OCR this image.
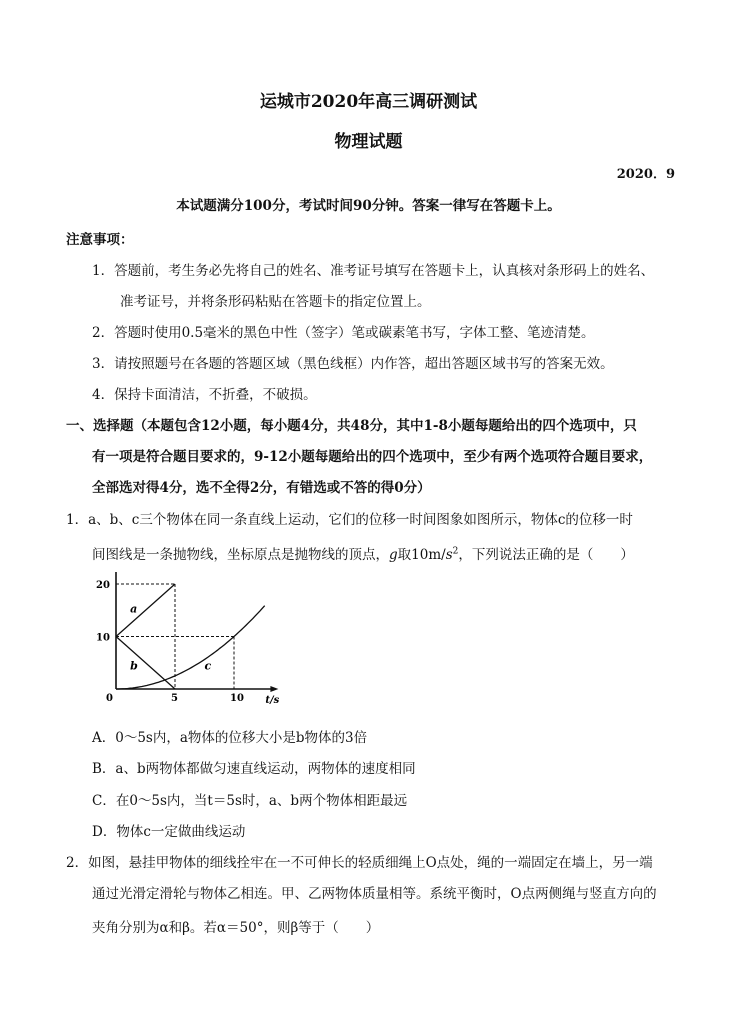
运城市2020年高三调研测试
物理试题
2020．9
本试题满分100分，考试时间90分钟。答案一律写在答题卡上。
注意事项：
1．答题前，考生务必先将自己的姓名、准考证号填写在答题卡上，认真核对条形码上的姓名、
准考证号，并将条形码粘贴在答题卡的指定位置上。
2．答题时使用0.5毫米的黑色中性（签字）笔或碳素笔书写，字体工整、笔迹清楚。
3．请按照题号在各题的答题区域（黑色线框）内作答，超出答题区域书写的答案无效。
4．保持卡面清洁，不折叠，不破损。
一、选择题（本题包含12小题，每小题4分，共48分，其中1-8小题每题给出的四个选项中，只
有一项是符合题目要求的，9-12小题每题给出的四个选项中，至少有两个选项符合题目要求，
全部选对得4分，选不全得2分，有错选或不答的得0分）
1．a、b、c三个物体在同一条直线上运动，它们的位移一时间图象如图所示，物体c的位移一时
间图线是一条抛物线，坐标原点是抛物线的顶点，g取$10m/s^2$，下列说法正确的是（　　）
t/s
0	5	10
10
20
a
b	c
A．0～5s内，a物体的位移大小是b物体的3倍
B．a、b两物体都做匀速直线运动，两物体的速度相同
C．在0～5s内，当t＝5s时，a、b两个物体相距最远
D．物体c一定做曲线运动
2．如图，悬挂甲物体的细线拴牢在一不可伸长的轻质细绳上O点处，绳的一端固定在墙上，另一端
通过光滑定滑轮与物体乙相连。甲、乙两物体质量相等。系统平衡时，O点两侧绳与竖直方向的
夹角分别为α和β。若α＝50°，则β等于（　　）
